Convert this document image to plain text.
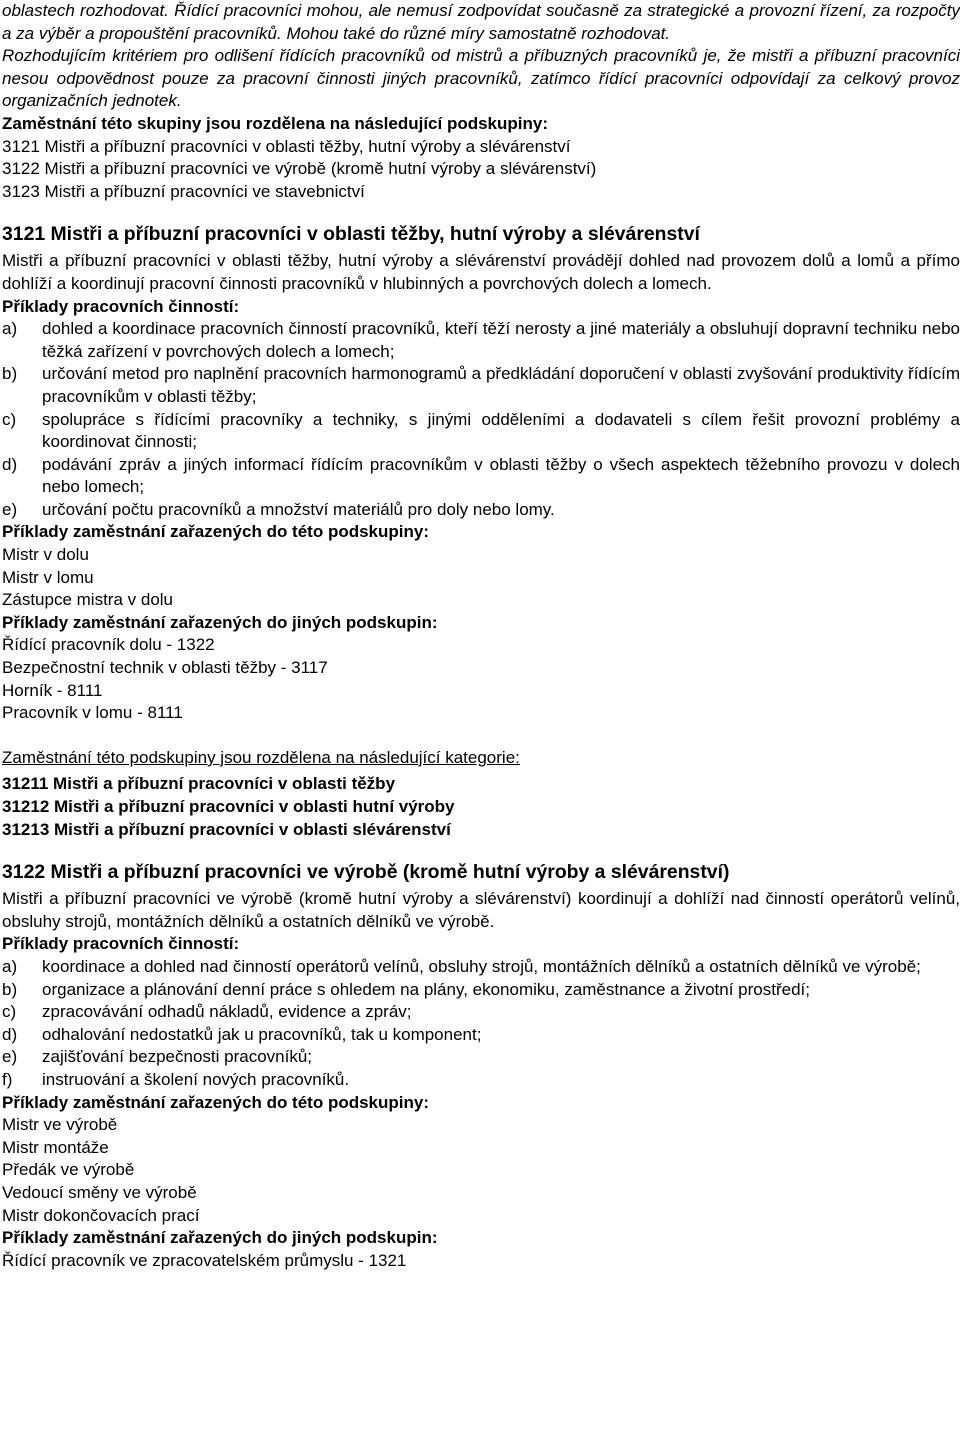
oblastech rozhodovat. Řídící pracovníci mohou, ale nemusí zodpovídat současně za strategické a provozní řízení, za rozpočty a za výběr a propouštění pracovníků. Mohou také do různé míry samostatně rozhodovat.

Rozhodujícím kritériem pro odlišení řídících pracovníků od mistrů a příbuzných pracovníků je, že mistři a příbuzní pracovníci nesou odpovědnost pouze za pracovní činnosti jiných pracovníků, zatímco řídící pracovníci odpovídají za celkový provoz organizačních jednotek.

Zaměstnání této skupiny jsou rozdělena na následující podskupiny:

3121 Mistři a příbuzní pracovníci v oblasti těžby, hutní výroby a slévárenství

3122 Mistři a příbuzní pracovníci ve výrobě (kromě hutní výroby a slévárenství)

3123 Mistři a příbuzní pracovníci ve stavebnictví

3121 Mistři a příbuzní pracovníci v oblasti těžby, hutní výroby a slévárenství

Mistři a příbuzní pracovníci v oblasti těžby, hutní výroby a slévárenství provádějí dohled nad provozem dolů a lomů a přímo dohlíží a koordinují pracovní činnosti pracovníků v hlubinných a povrchových dolech a lomech.

Příklady pracovních činností:

a)	dohled a koordinace pracovních činností pracovníků, kteří těží nerosty a jiné materiály a obsluhují dopravní techniku nebo těžká zařízení v povrchových dolech a lomech;
b)	určování metod pro naplnění pracovních harmonogramů a předkládání doporučení v oblasti zvyšování produktivity řídícím pracovníkům v oblasti těžby;
c)	spolupráce s řídícími pracovníky a techniky, s jinými odděleními a dodavateli s cílem řešit provozní problémy a koordinovat činnosti;
d)	podávání zpráv a jiných informací řídícím pracovníkům v oblasti těžby o všech aspektech těžebního provozu v dolech nebo lomech;
e)	určování počtu pracovníků a množství materiálů pro doly nebo lomy.

Příklady zaměstnání zařazených do této podskupiny:

Mistr v dolu

Mistr v lomu

Zástupce mistra v dolu

Příklady zaměstnání zařazených do jiných podskupin:

Řídící pracovník dolu - 1322

Bezpečnostní technik v oblasti těžby - 3117

Horník - 8111

Pracovník v lomu - 8111

Zaměstnání této podskupiny jsou rozdělena na následující kategorie:

31211 Mistři a příbuzní pracovníci v oblasti těžby

31212 Mistři a příbuzní pracovníci v oblasti hutní výroby

31213 Mistři a příbuzní pracovníci v oblasti slévárenství

3122 Mistři a příbuzní pracovníci ve výrobě (kromě hutní výroby a slévárenství)

Mistři a příbuzní pracovníci ve výrobě (kromě hutní výroby a slévárenství) koordinují a dohlíží nad činností operátorů velínů, obsluhy strojů, montážních dělníků a ostatních dělníků ve výrobě.

Příklady pracovních činností:

a)	koordinace a dohled nad činností operátorů velínů, obsluhy strojů, montážních dělníků a ostatních dělníků ve výrobě;
b)	organizace a plánování denní práce s ohledem na plány, ekonomiku, zaměstnance a životní prostředí;
c)	zpracovávání odhadů nákladů, evidence a zpráv;
d)	odhalování nedostatků jak u pracovníků, tak u komponent;
e)	zajišťování bezpečnosti pracovníků;
f)	instruování a školení nových pracovníků.

Příklady zaměstnání zařazených do této podskupiny:

Mistr ve výrobě

Mistr montáže

Předák ve výrobě

Vedoucí směny ve výrobě

Mistr dokončovacích prací

Příklady zaměstnání zařazených do jiných podskupin:

Řídící pracovník ve zpracovatelském průmyslu - 1321
